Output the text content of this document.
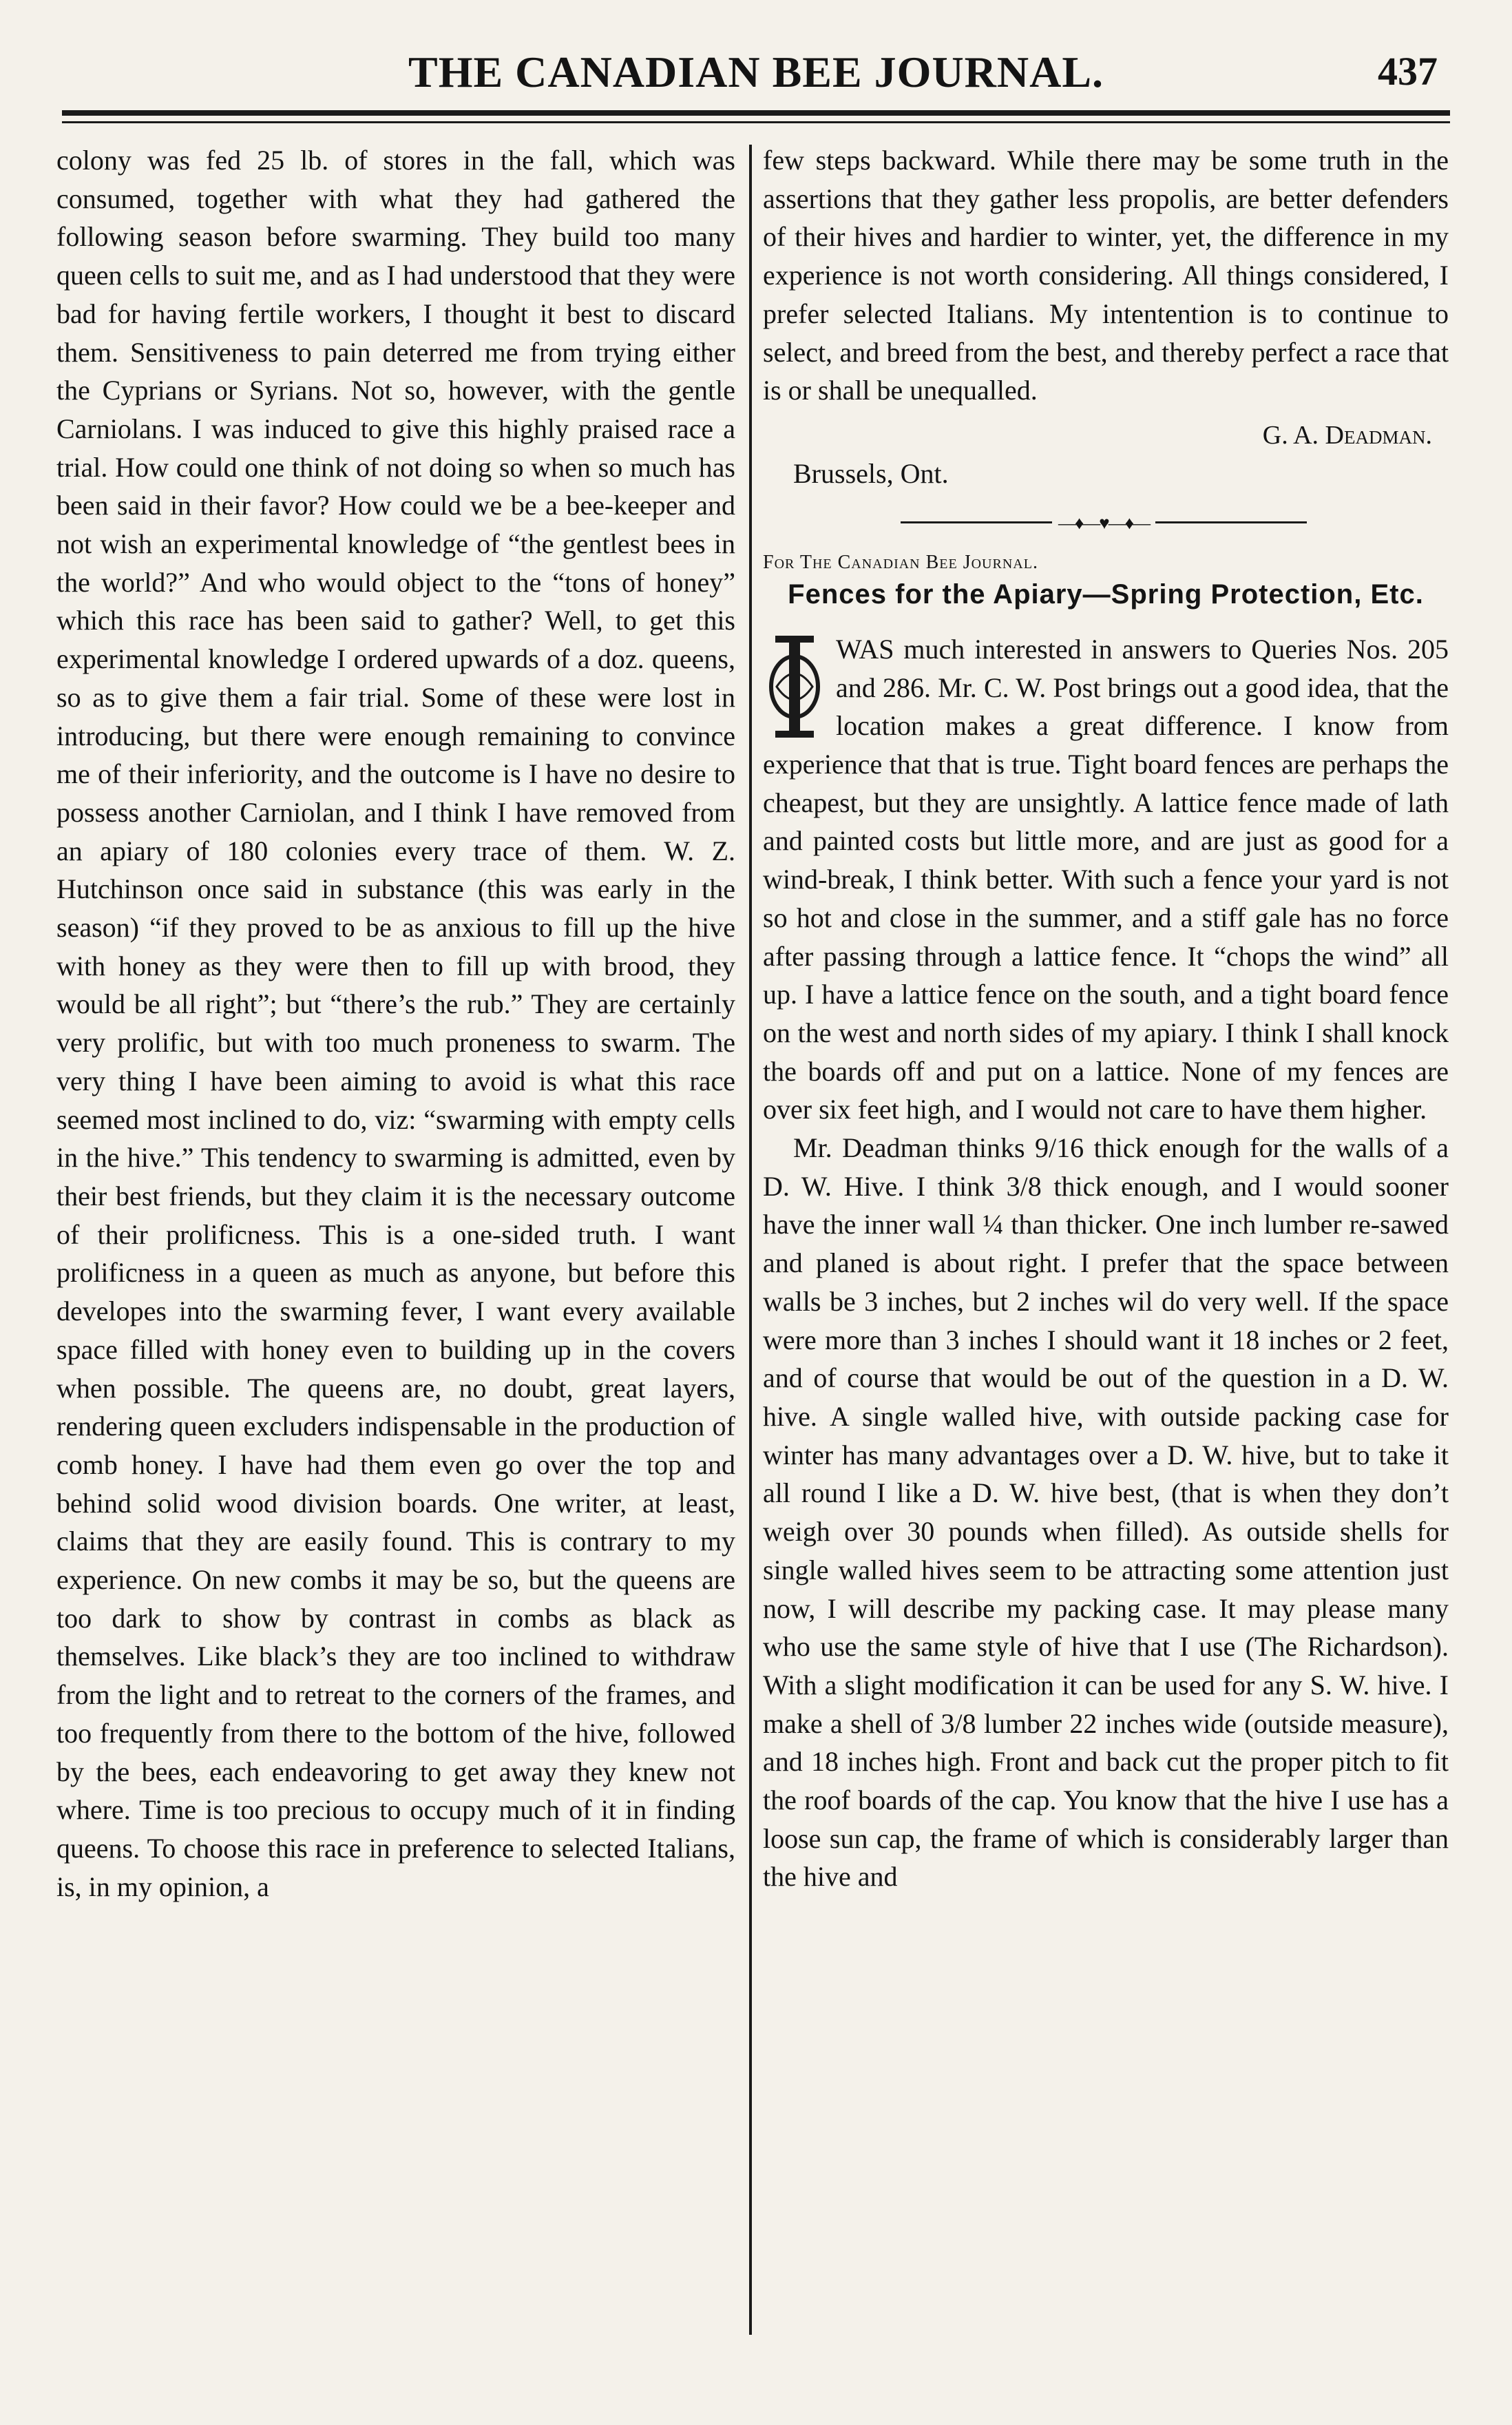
THE CANADIAN BEE JOURNAL.	437

colony was fed 25 lb. of stores in the fall, which was consumed, together with what they had gathered the following season before swarming. They build too many queen cells to suit me, and as I had understood that they were bad for having fertile workers, I thought it best to discard them. Sensitiveness to pain deterred me from trying either the Cyprians or Syrians. Not so, however, with the gentle Carniolans. I was induced to give this highly praised race a trial. How could one think of not doing so when so much has been said in their favor? How could we be a bee-keeper and not wish an experimental knowledge of “the gentlest bees in the world?” And who would object to the “tons of honey” which this race has been said to gather? Well, to get this experimental knowledge I ordered upwards of a doz. queens, so as to give them a fair trial. Some of these were lost in introducing, but there were enough remaining to convince me of their inferiority, and the outcome is I have no desire to possess another Carniolan, and I think I have removed from an apiary of 180 colonies every trace of them. W. Z. Hutchinson once said in substance (this was early in the season) “if they proved to be as anxious to fill up the hive with honey as they were then to fill up with brood, they would be all right”; but “there’s the rub.” They are certainly very prolific, but with too much proneness to swarm. The very thing I have been aiming to avoid is what this race seemed most inclined to do, viz: “swarming with empty cells in the hive.” This tendency to swarming is admitted, even by their best friends, but they claim it is the necessary outcome of their prolificness. This is a one-sided truth. I want prolificness in a queen as much as anyone, but before this developes into the swarming fever, I want every available space filled with honey even to building up in the covers when possible. The queens are, no doubt, great layers, rendering queen excluders indispensable in the production of comb honey. I have had them even go over the top and behind solid wood division boards. One writer, at least, claims that they are easily found. This is contrary to my experience. On new combs it may be so, but the queens are too dark to show by contrast in combs as black as themselves. Like black’s they are too inclined to withdraw from the light and to retreat to the corners of the frames, and too frequently from there to the bottom of the hive, followed by the bees, each endeavoring to get away they knew not where. Time is too precious to occupy much of it in finding queens. To choose this race in preference to selected Italians, is, in my opinion, a

few steps backward. While there may be some truth in the assertions that they gather less propolis, are better defenders of their hives and hardier to winter, yet, the difference in my experience is not worth considering. All things considered, I prefer selected Italians. My intentention is to continue to select, and breed from the best, and thereby perfect a race that is or shall be unequalled.

G. A. Deadman.
Brussels, Ont.
—♦—♥—♦—
For The Canadian Bee Journal.
Fences for the Apiary—Spring Protection, Etc.

WAS much interested in answers to Queries Nos. 205 and 286. Mr. C. W. Post brings out a good idea, that the location makes a great difference. I know from experience that that is true. Tight board fences are perhaps the cheapest, but they are unsightly. A lattice fence made of lath and painted costs but little more, and are just as good for a wind-break, I think better. With such a fence your yard is not so hot and close in the summer, and a stiff gale has no force after passing through a lattice fence. It “chops the wind” all up. I have a lattice fence on the south, and a tight board fence on the west and north sides of my apiary. I think I shall knock the boards off and put on a lattice. None of my fences are over six feet high, and I would not care to have them higher.

Mr. Deadman thinks 9/16 thick enough for the walls of a D. W. Hive. I think 3/8 thick enough, and I would sooner have the inner wall ¼ than thicker. One inch lumber re-sawed and planed is about right. I prefer that the space between walls be 3 inches, but 2 inches wil do very well. If the space were more than 3 inches I should want it 18 inches or 2 feet, and of course that would be out of the question in a D. W. hive. A single walled hive, with outside packing case for winter has many advantages over a D. W. hive, but to take it all round I like a D. W. hive best, (that is when they don’t weigh over 30 pounds when filled). As outside shells for single walled hives seem to be attracting some attention just now, I will describe my packing case. It may please many who use the same style of hive that I use (The Richardson). With a slight modification it can be used for any S. W. hive. I make a shell of 3/8 lumber 22 inches wide (outside measure), and 18 inches high. Front and back cut the proper pitch to fit the roof boards of the cap. You know that the hive I use has a loose sun cap, the frame of which is considerably larger than the hive and
